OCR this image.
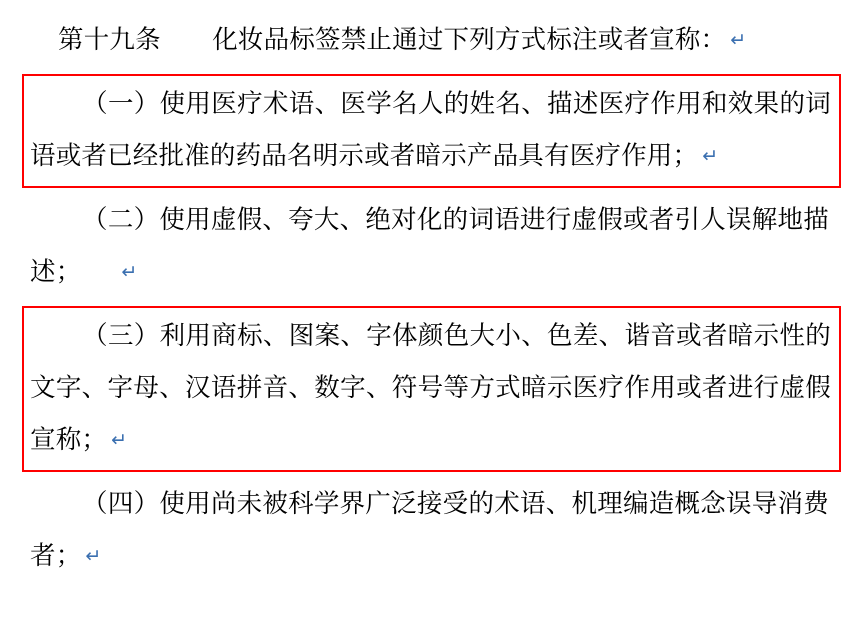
第十九条　　 化妆品标签禁止通过下列方式标注或者宣称： ↵

（一）使用医疗术语、医学名人的姓名、描述医疗作用和效果的词语或者已经批准的药品名明示或者暗示产品具有医疗作用； ↵

（二）使用虚假、夸大、绝对化的词语进行虚假或者引人误解地描述； ↵

（三）利用商标、图案、字体颜色大小、色差、谐音或者暗示性的文字、字母、汉语拼音、数字、符号等方式暗示医疗作用或者进行虚假宣称； ↵

（四）使用尚未被科学界广泛接受的术语、机理编造概念误导消费者； ↵
